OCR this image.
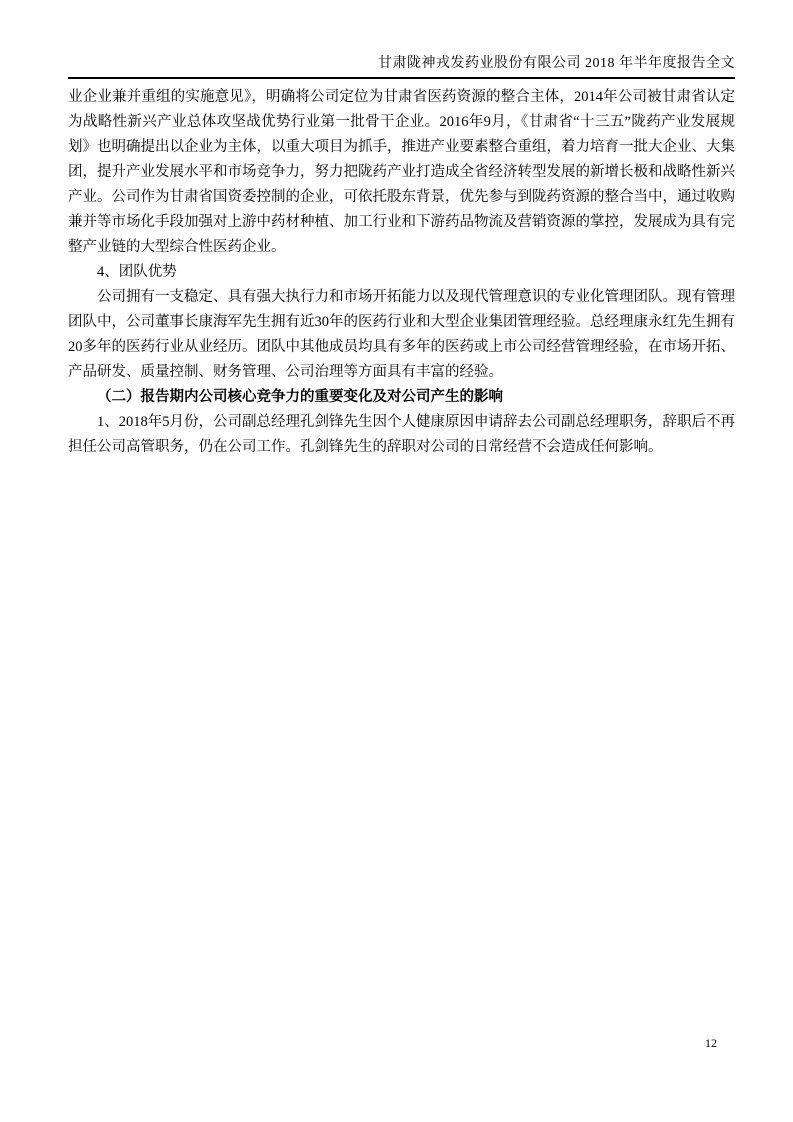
甘肃陇神戎发药业股份有限公司 2018 年半年度报告全文

业企业兼并重组的实施意见》，明确将公司定位为甘肃省医药资源的整合主体，2014年公司被甘肃省认定为战略性新兴产业总体攻坚战优势行业第一批骨干企业。2016年9月，《甘肃省“十三五”陇药产业发展规划》也明确提出以企业为主体，以重大项目为抓手，推进产业要素整合重组，着力培育一批大企业、大集团，提升产业发展水平和市场竞争力，努力把陇药产业打造成全省经济转型发展的新增长极和战略性新兴产业。公司作为甘肃省国资委控制的企业，可依托股东背景，优先参与到陇药资源的整合当中，通过收购兼并等市场化手段加强对上游中药材种植、加工行业和下游药品物流及营销资源的掌控，发展成为具有完整产业链的大型综合性医药企业。

4、团队优势

公司拥有一支稳定、具有强大执行力和市场开拓能力以及现代管理意识的专业化管理团队。现有管理团队中，公司董事长康海军先生拥有近30年的医药行业和大型企业集团管理经验。总经理康永红先生拥有20多年的医药行业从业经历。团队中其他成员均具有多年的医药或上市公司经营管理经验，在市场开拓、产品研发、质量控制、财务管理、公司治理等方面具有丰富的经验。

（二）报告期内公司核心竞争力的重要变化及对公司产生的影响

1、2018年5月份，公司副总经理孔剑锋先生因个人健康原因申请辞去公司副总经理职务，辞职后不再担任公司高管职务，仍在公司工作。孔剑锋先生的辞职对公司的日常经营不会造成任何影响。

12
